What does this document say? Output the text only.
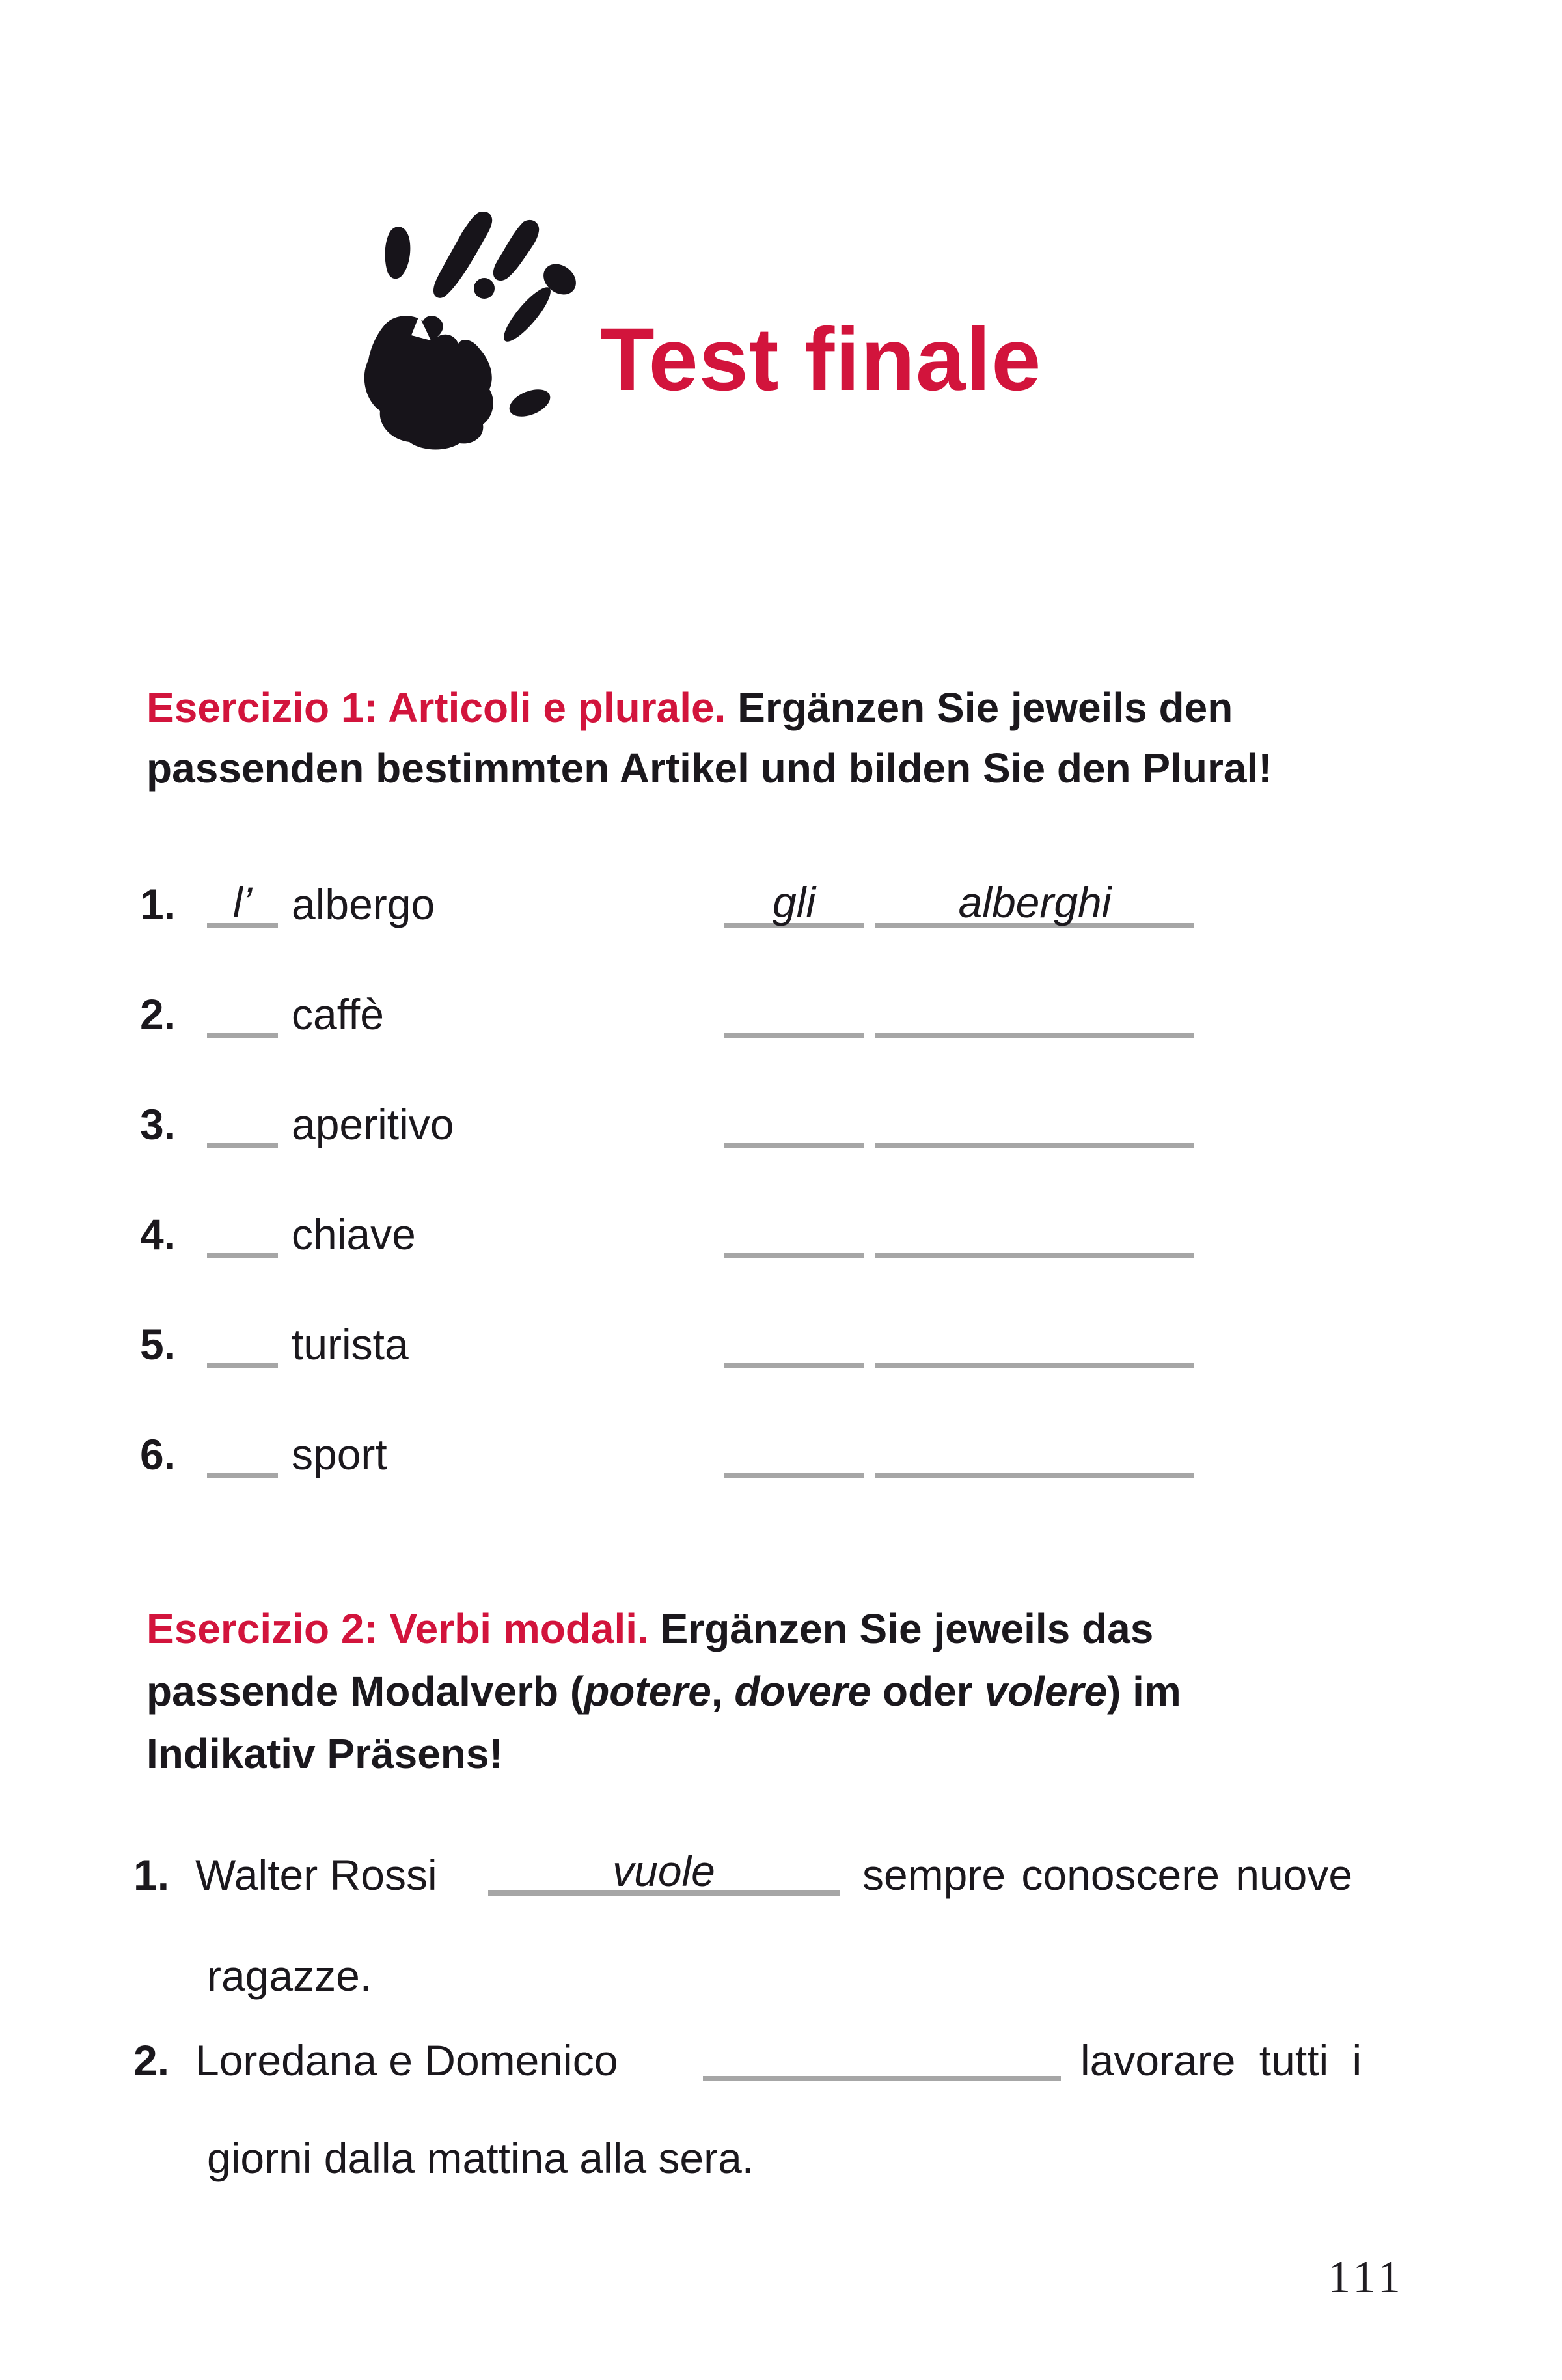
Test finale
Esercizio 1: Articoli e plurale. Ergänzen Sie jeweils den
passenden bestimmten Artikel und bilden Sie den Plural!
1.	l’ albergo	gli	alberghi
2.	caffè
3.	aperitivo
4.	chiave
5.	turista
6.	sport
Esercizio 2: Verbi modali. Ergänzen Sie jeweils das
passende Modalverb (potere, dovere oder volere) im
Indikativ Präsens!
1. Walter Rossi	vuole	sempre conoscere nuove
ragazze.
2. Loredana e Domenico	lavorare tutti i
giorni dalla mattina alla sera.
111
